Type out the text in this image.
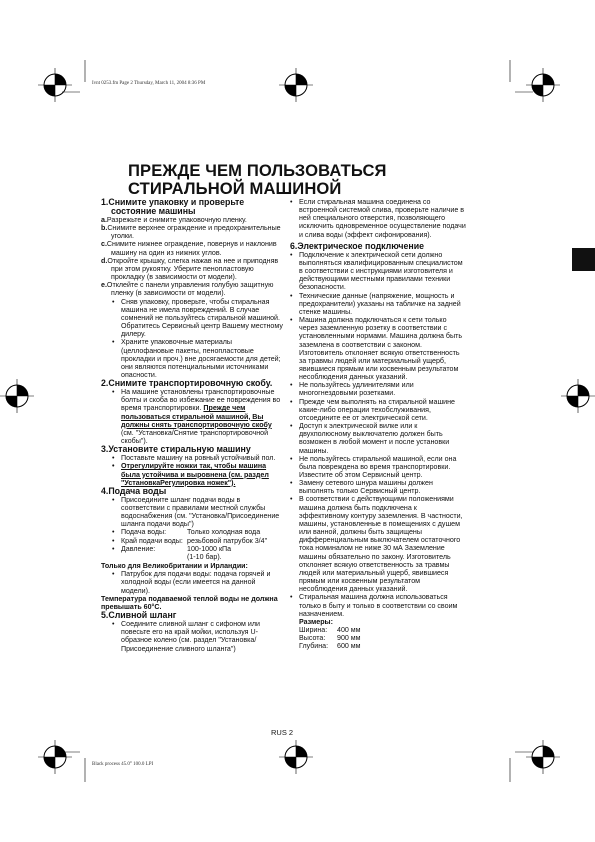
Ivnt 0253.fm Page 2 Thursday, March 11, 2004 8:36 PM
Black process 45.0° 100.0 LPI
ПРЕЖДЕ ЧЕМ ПОЛЬЗОВАТЬСЯ
СТИРАЛЬНОЙ МАШИНОЙ

1.Снимите упаковку и проверьте состояние машины

a.Разрежьте и снимите упаковочную пленку.

b.Снимите верхнее ограждение и предохранительные уголки.

c.Снимите нижнее ограждение, повернув и наклонив машину на один из нижних углов.

d.Откройте крышку, слегка нажав на нее и приподняв при этом рукоятку. Уберите пенопластовую прокладку (в зависимости от модели).

e.Отклейте с панели управления голубую защитную пленку (в зависимости от модели).

• Сняв упаковку, проверьте, чтобы стиральная машина не имела повреждений. В случае сомнений не пользуйтесь стиральной машиной. Обратитесь Сервисный центр Вашему местному дилеру.

• Храните упаковочные материалы (целлофановые пакеты, пенопластовые прокладки и проч.) вне досягаемости для детей; они являются потенциальными источниками опасности.

2.Снимите транспортировочную скобу.

• На машине установлены транспортировочные болты и скоба во избежание ее повреждения во время транспортировки. Прежде чем пользоваться стиральной машиной, Вы должны снять транспортировочную скобу (см. "Установка/Снятие транспортировочной скобы").

3.Установите стиральную машину

• Поставьте машину на ровный устойчивый пол.

• Отрегулируйте ножки так, чтобы машина была устойчива и выровнена (см. раздел "УстановкаРегулировка ножек").

4.Подача воды

• Присоедините шланг подачи воды в соответствии с правилами местной службы водоснабжения (см. "Установка/Присоединение шланга подачи воды")

• Подача воды:	Только холодная вода
• Край подачи воды: резьбовой патрубок 3/4"
• Давление:	100-1000 кПа
(1-10 бар).

Только для Великобритании и Ирландии:

• Патрубок для подачи воды: подача горячей и холодной воды (если имеется на данной модели).

Температура подаваемой теплой воды не должна превышать 60°C.

5.Сливной шланг

• Соедините сливной шланг с сифоном или повесьте его на край мойки, используя U-образное колено (см. раздел "Установка/Присоединение сливного шланга")

• Если стиральная машина соединена со встроенной системой слива, проверьте наличие в ней специального отверстия, позволяющего исключить одновременное осуществление подачи и слива воды (эффект сифонирования).

6.Электрическое подключение

• Подключение к электрической сети должно выполняться квалифицированным специалистом в соответствии с инструкциями изготовителя и действующими местными правилами техники безопасности.

• Технические данные (напряжение, мощность и предохранители) указаны на табличке на задней стенке машины.

• Машина должна подключаться к сети только через заземленную розетку в соответствии с установленными нормами. Машина должна быть заземлена в соответствии с законом. Изготовитель отклоняет всякую ответственность за травмы людей или материальный ущерб, явившиеся прямым или косвенным результатом несоблюдения данных указаний.

• Не пользуйтесь удлинителями или многогнездовыми розетками.

• Прежде чем выполнять на стиральной машине какие-либо операции техобслуживания, отсоедините ее от электрической сети.

• Доступ к электрической вилке или к двухполюсному выключателю должен быть возможен в любой момент и после установки машины.

• Не пользуйтесь стиральной машиной, если она была повреждена во время транспортировки. Известите об этом Сервисный центр.

• Замену сетевого шнура машины должен выполнять только Сервисный центр.

• В соответствии с действующими положениями машина должна быть подключена к эффективному контуру заземления. В частности, машины, установленные в помещениях с душем или ванной, должны быть защищены дифференциальным выключателем остаточного тока номиналом не ниже 30 мА Заземление машины обязательно по закону. Изготовитель отклоняет всякую ответственность за травмы людей или материальный ущерб, явившиеся прямым или косвенным результатом несоблюдения данных указаний.

• Стиральная машина должна использоваться только в быту и только в соответствии со своим назначением.

Размеры:

Ширина:	400 мм
Высота:	900 мм
Глубина:	600 мм
RUS 2
